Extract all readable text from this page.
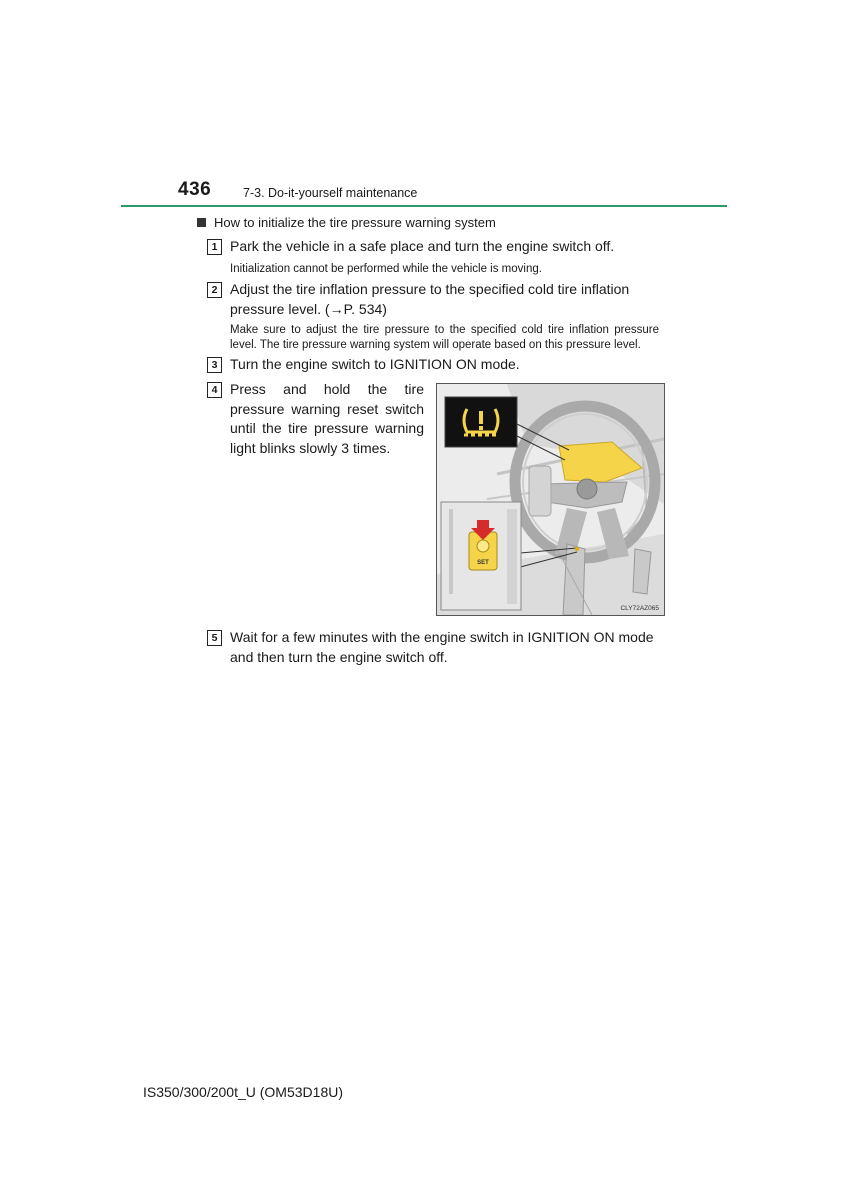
436	7-3. Do-it-yourself maintenance
How to initialize the tire pressure warning system
1 Park the vehicle in a safe place and turn the engine switch off.
Initialization cannot be performed while the vehicle is moving.
2 Adjust the tire inflation pressure to the specified cold tire inflation pressure level. (→P. 534)
Make sure to adjust the tire pressure to the specified cold tire inflation pressure level. The tire pressure warning system will operate based on this pressure level.
3 Turn the engine switch to IGNITION ON mode.
4 Press and hold the tire pressure warning reset switch until the tire pressure warning light blinks slowly 3 times.
SET
CLY72AZ065
5 Wait for a few minutes with the engine switch in IGNITION ON mode and then turn the engine switch off.
IS350/300/200t_U (OM53D18U)
